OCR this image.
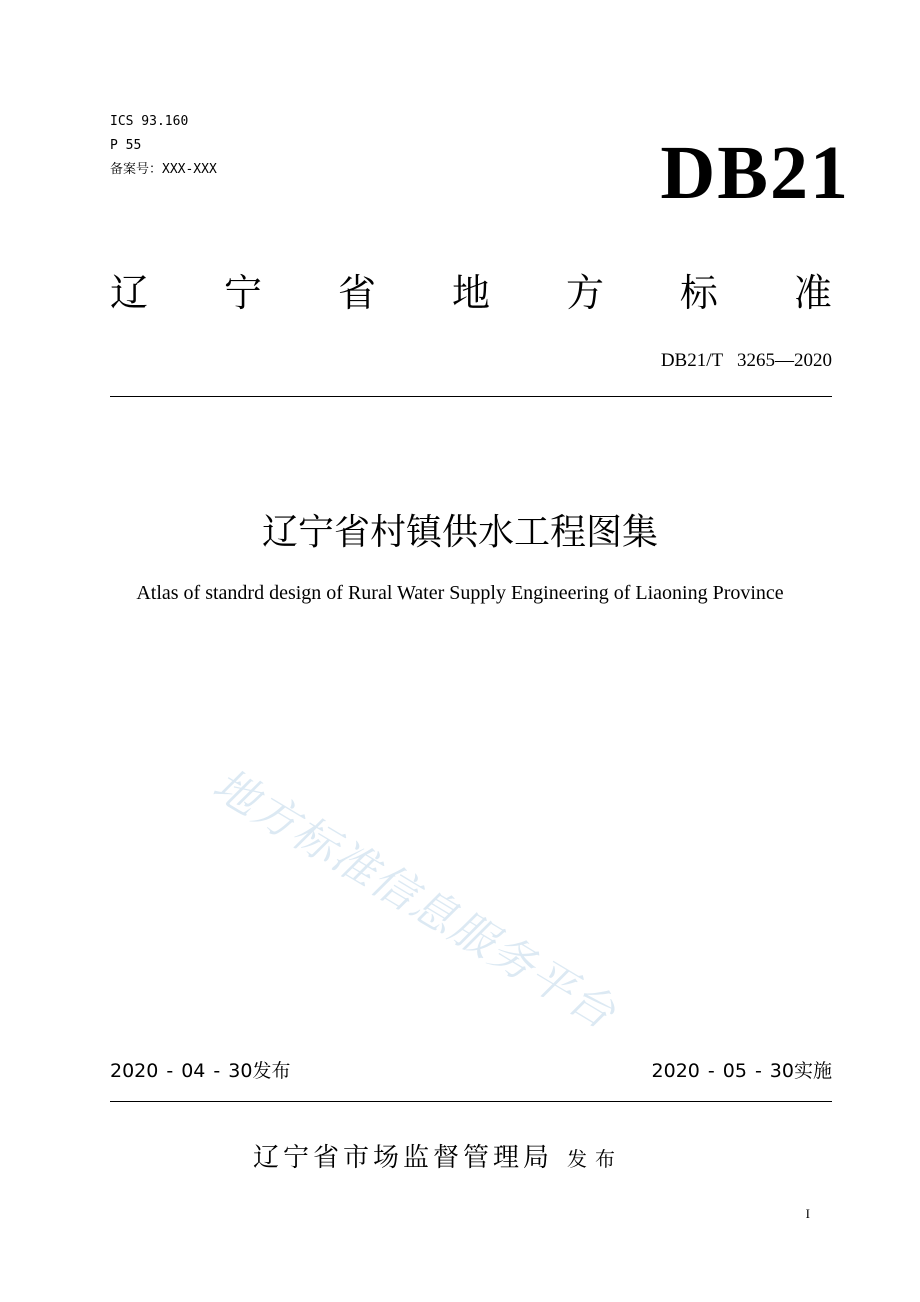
ICS 93.160
P 55
备案号：XXX-XXX	DB21
辽 宁 省 地 方 标 准
DB21/T   3265—2020
辽宁省村镇供水工程图集
Atlas of standrd design of Rural Water Supply Engineering of Liaoning Province
地方标准信息服务平台
2020 - 04 - 30发布	2020 - 05 - 30实施
辽宁省市场监督管理局 发布
I
